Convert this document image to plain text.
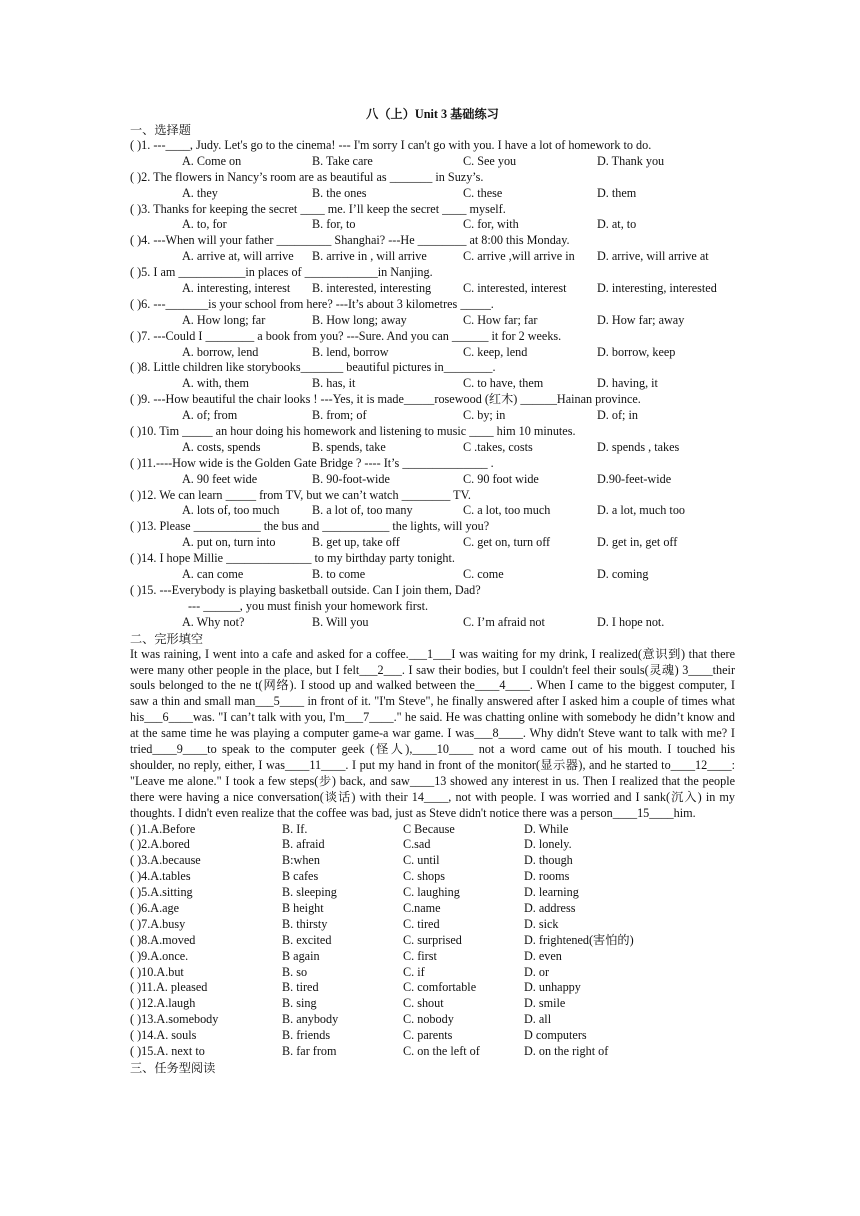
八（上）Unit 3 基础练习
一、选择题
( )1. ---____, Judy. Let's go to the cinema! --- I'm sorry I can't go with you. I have a lot of homework to do.
A. Come on	B. Take care	C. See you	D. Thank you
( )2. The flowers in Nancy’s room are as beautiful as _______ in Suzy’s.
A. they	B. the ones	C. these	D. them
( )3. Thanks for keeping the secret ____ me. I’ll keep the secret ____ myself.
A. to, for	B. for, to	C. for, with	D. at, to
( )4. ---When will your father _________ Shanghai? ---He ________ at 8:00 this Monday.
A. arrive at, will arrive B. arrive in , will arrive	C. arrive ,will arrive in D. arrive, will arrive at
( )5. I am ___________in places of ____________in Nanjing.
A. interesting, interest B. interested, interesting	C. interested, interest D. interesting, interested
( )6. ---_______is your school from here? ---It’s about 3 kilometres _____.
A. How long; far	B. How long; away	C. How far; far	D. How far; away
( )7. ---Could I ________ a book from you? ---Sure. And you can ______ it for 2 weeks.
A. borrow, lend	B. lend, borrow	C. keep, lend	D. borrow, keep
( )8. Little children like storybooks_______ beautiful pictures in________.
A. with, them	B. has, it	C. to have, them	D. having, it
( )9. ---How beautiful the chair looks ! ---Yes, it is made_____rosewood (红木) ______Hainan province.
A. of; from	B. from; of	C. by; in	D. of; in
( )10. Tim _____ an hour doing his homework and listening to music ____ him 10 minutes.
A. costs, spends	B. spends, take	C .takes, costs	D. spends , takes
( )11.----How wide is the Golden Gate Bridge ? ---- It’s ______________ .
A. 90 feet wide	B. 90-foot-wide	C. 90 foot wide	D.90-feet-wide
( )12. We can learn _____ from TV, but we can’t watch ________ TV.
A. lots of, too much	B. a lot of, too many	C. a lot, too much	D. a lot, much too
( )13. Please ___________ the bus and ___________ the lights, will you?
A. put on, turn into	B. get up, take off	C. get on, turn off	D. get in, get off
( )14. I hope Millie ______________ to my birthday party tonight.
A. can come	B. to come	C. come	D. coming
( )15. ---Everybody is playing basketball outside. Can I join them, Dad?
--- ______, you must finish your homework first.
A. Why not?	B. Will you	C. I’m afraid not	D. I hope not.
二、完形填空
It was raining, I went into a cafe and asked for a coffee.___1___I was waiting for my drink, I realized(意识到) that there were many other people in the place, but I felt___2___. I saw their bodies, but I couldn't feel their souls(灵魂) 3____their souls belonged to the ne t(网络). I stood up and walked between the____4____. When I came to the biggest computer, I saw a thin and small man___5____ in front of it. "I'm Steve", he finally answered after I asked him a couple of times what his___6____was. "I can’t talk with you, I'm___7____." he said. He was chatting online with somebody he didn’t know and at the same time he was playing a computer game-a war game. I was___8____. Why didn't Steve want to talk with me? I tried____9____to speak to the computer geek (怪人),____10____ not a word came out of his mouth. I touched his shoulder, no reply, either, I was____11____. I put my hand in front of the monitor(显示器), and he started to____12____: "Leave me alone." I took a few steps(步) back, and saw____13 showed any interest in us. Then I realized that the people there were having a nice conversation(谈话) with their 14____, not with people. I was worried and I sank(沉入) in my thoughts. I didn't even realize that the coffee was bad, just as Steve didn't notice there was a person____15____him.
( )1.A.Before	B. If.	C Because	D. While
( )2.A.bored	B. afraid	C.sad	D. lonely.
( )3.A.because	B:when	C. until	D. though
( )4.A.tables	B cafes	C. shops	D. rooms
( )5.A.sitting	B. sleeping	C. laughing	D. learning
( )6.A.age	B height	C.name	D. address
( )7.A.busy	B. thirsty	C. tired	D. sick
( )8.A.moved	B. excited	C. surprised	D. frightened(害怕的)
( )9.A.once.	B again	C. first	D. even
( )10.A.but	B. so	C. if	D. or
( )11.A. pleased	B. tired	C. comfortable	D. unhappy
( )12.A.laugh	B. sing	C. shout	D. smile
( )13.A.somebody	B. anybody	C. nobody	D. all
( )14.A. souls	B. friends	C. parents	D computers
( )15.A. next to	B. far from	C. on the left of	D. on the right of
三、任务型阅读
